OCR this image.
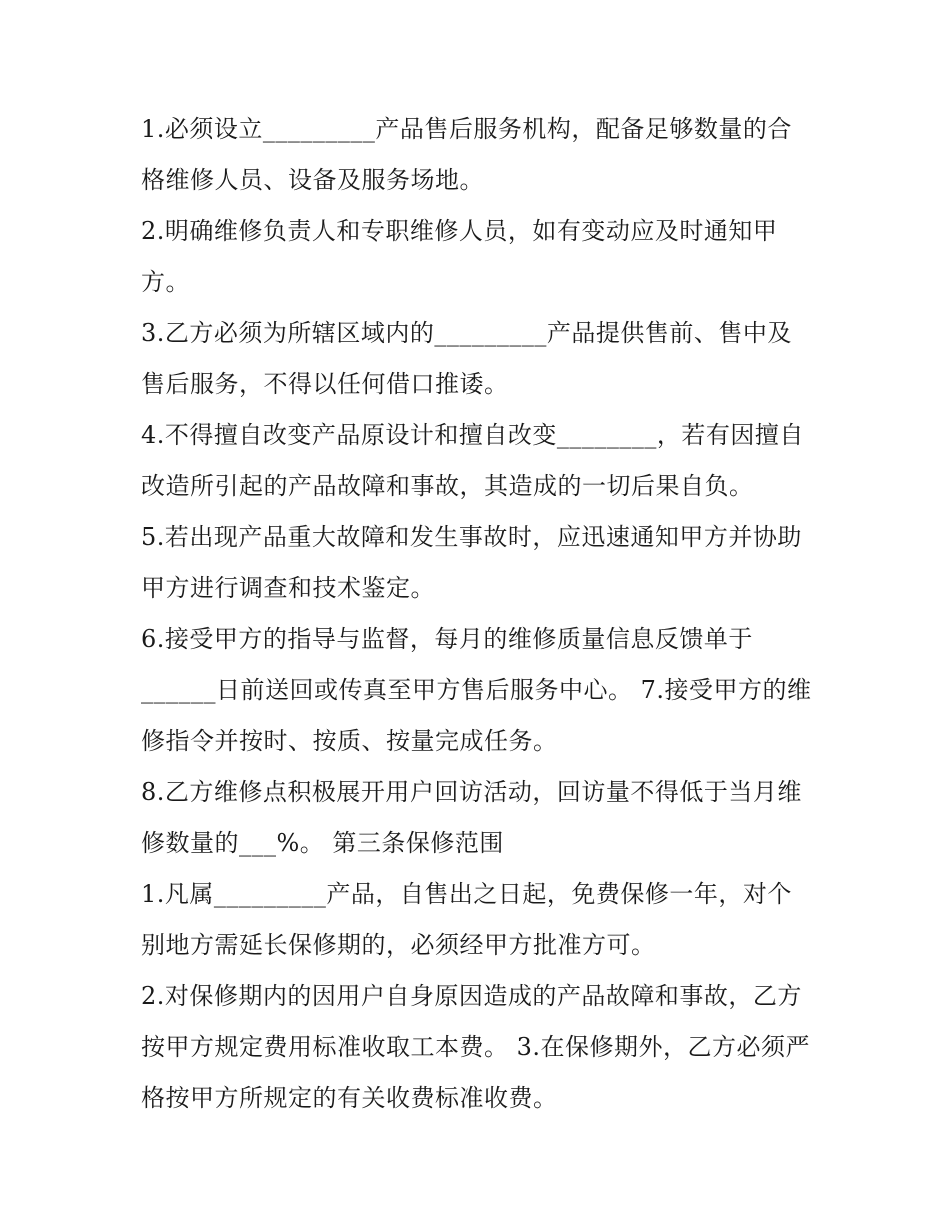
1.必须设立_________产品售后服务机构，配备足够数量的合
格维修人员、设备及服务场地。
2.明确维修负责人和专职维修人员，如有变动应及时通知甲
方。
3.乙方必须为所辖区域内的_________产品提供售前、售中及
售后服务，不得以任何借口推诿。
4.不得擅自改变产品原设计和擅自改变________，若有因擅自
改造所引起的产品故障和事故，其造成的一切后果自负。
5.若出现产品重大故障和发生事故时，应迅速通知甲方并协助
甲方进行调查和技术鉴定。
6.接受甲方的指导与监督，每月的维修质量信息反馈单于
______日前送回或传真至甲方售后服务中心。 7.接受甲方的维
修指令并按时、按质、按量完成任务。
8.乙方维修点积极展开用户回访活动，回访量不得低于当月维
修数量的___%。 第三条保修范围
1.凡属_________产品，自售出之日起，免费保修一年，对个
别地方需延长保修期的，必须经甲方批准方可。
2.对保修期内的因用户自身原因造成的产品故障和事故，乙方
按甲方规定费用标准收取工本费。 3.在保修期外，乙方必须严
格按甲方所规定的有关收费标准收费。
